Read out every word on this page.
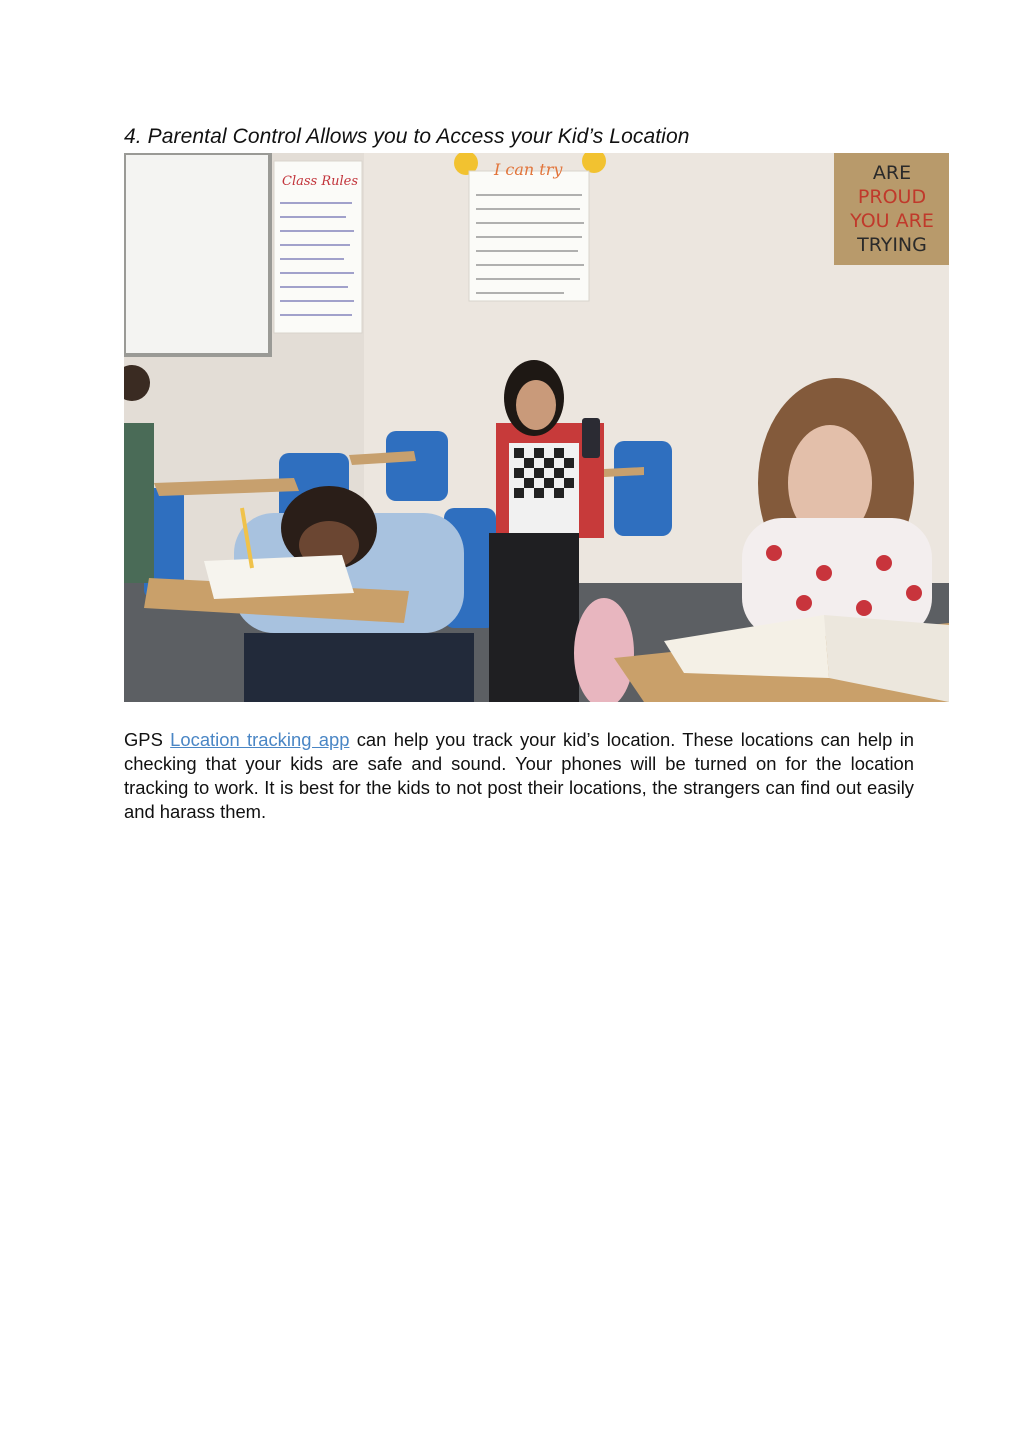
4. Parental Control Allows you to Access your Kid’s Location
Class Rules
I can try	ARE
PROUD
YOU ARE
TRYING

GPS Location tracking app can help you track your kid’s location. These locations can help in checking that your kids are safe and sound. Your phones will be turned on for the location tracking to work. It is best for the kids to not post their locations, the strangers can find out easily and harass them.
